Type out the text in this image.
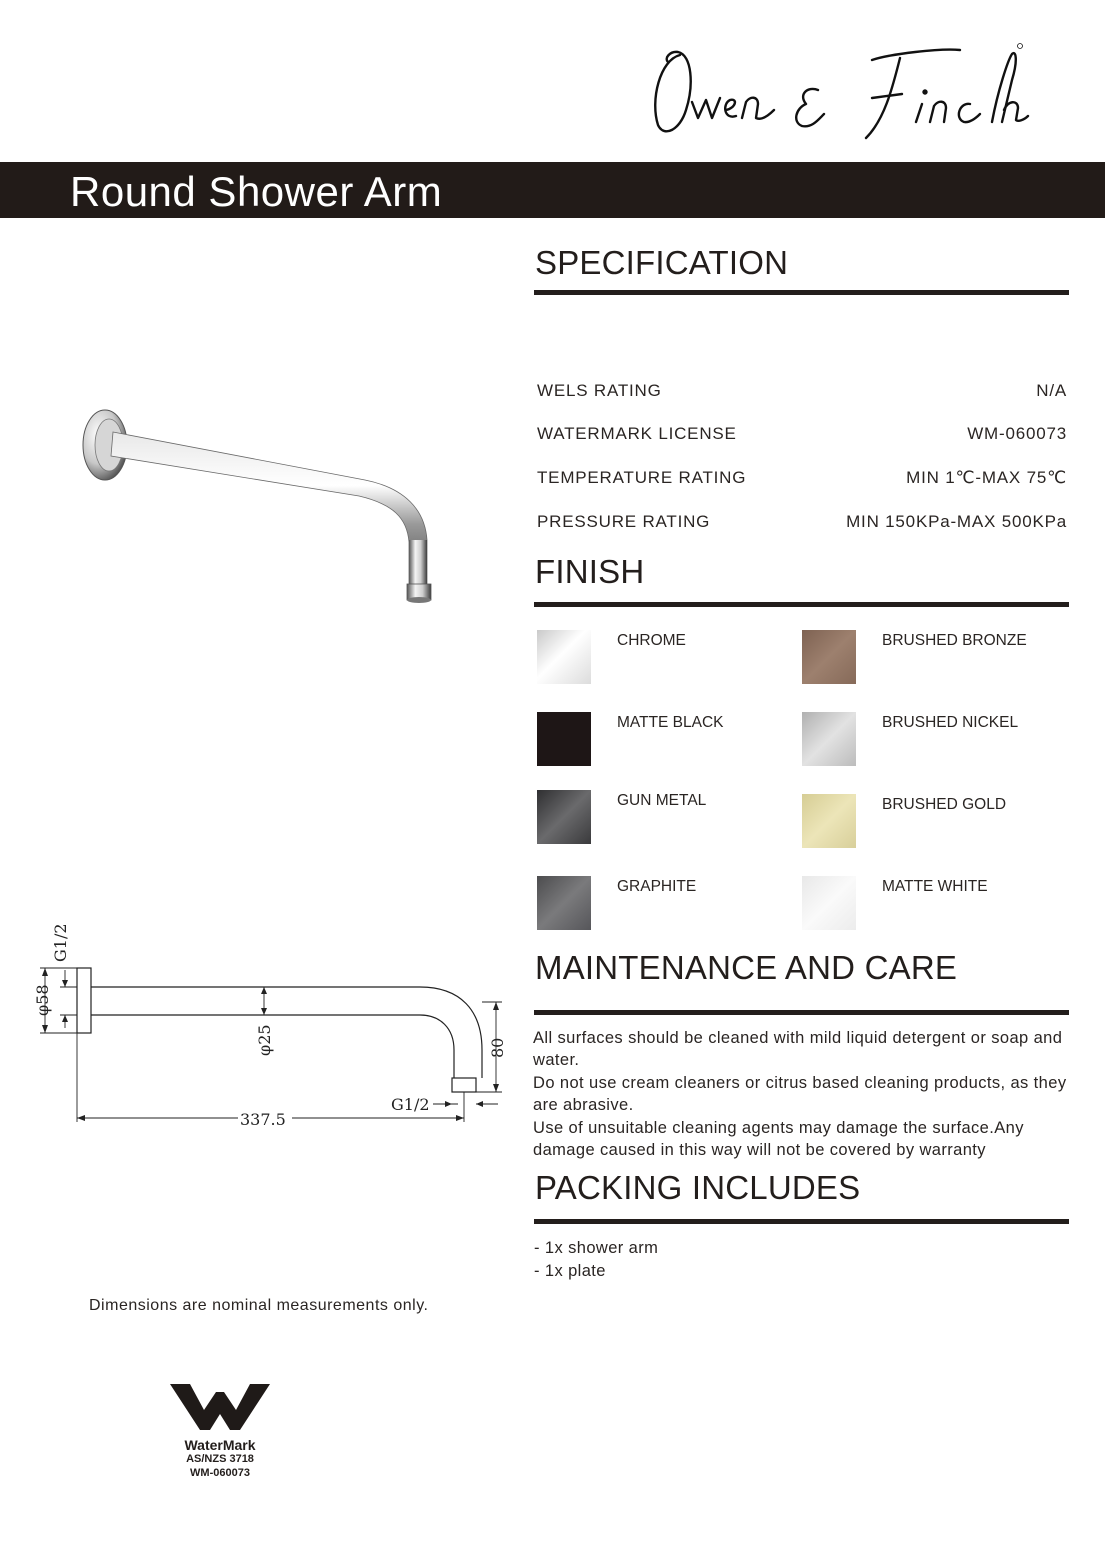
Round Shower Arm
SPECIFICATION
WELS RATING	N/A
WATERMARK LICENSE	WM-060073
TEMPERATURE RATING	MIN 1℃-MAX 75℃
PRESSURE RATING	MIN 150KPa-MAX 500KPa
FINISH
CHROME	BRUSHED BRONZE
MATTE BLACK	BRUSHED NICKEL
GUN METAL	BRUSHED GOLD
GRAPHITE	MATTE WHITE
MAINTENANCE AND CARE

All surfaces should be cleaned with mild liquid detergent or soap and water.

Do not use cream cleaners or citrus based cleaning products, as they are abrasive.

Use of unsuitable cleaning agents may damage the surface.Any damage caused in this way will not be covered by warranty

PACKING INCLUDES
- 1x shower arm
- 1x plate
G1/2
φ58
φ25	80
G1/2
337.5
Dimensions are nominal measurements only.
WaterMark
AS/NZS 3718
WM-060073
